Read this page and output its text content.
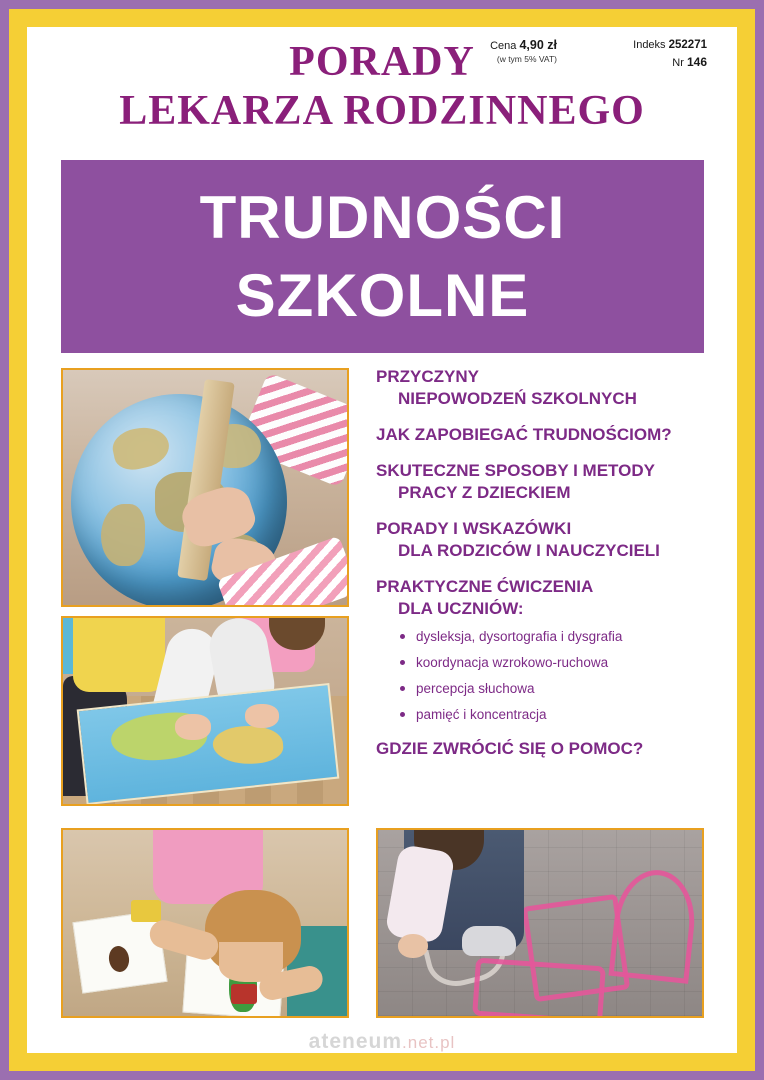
Cena 4,90 zł
(w tym 5% VAT)
Indeks 252271
Nr 146
PORADY
LEKARZA RODZINNEGO
TRUDNOŚCI
SZKOLNE
PRZYCZYNY
NIEPOWODZEŃ SZKOLNYCH
JAK ZAPOBIEGAĆ TRUDNOŚCIOM?
SKUTECZNE SPOSOBY I METODY
PRACY Z DZIECKIEM
PORADY I WSKAZÓWKI
DLA RODZICÓW I NAUCZYCIELI
PRAKTYCZNE ĆWICZENIA
DLA UCZNIÓW:
dysleksja, dysortografia i dysgrafia
koordynacja wzrokowo-ruchowa
percepcja słuchowa
pamięć i koncentracja
GDZIE ZWRÓCIĆ SIĘ O POMOC?
ateneum.net.pl
